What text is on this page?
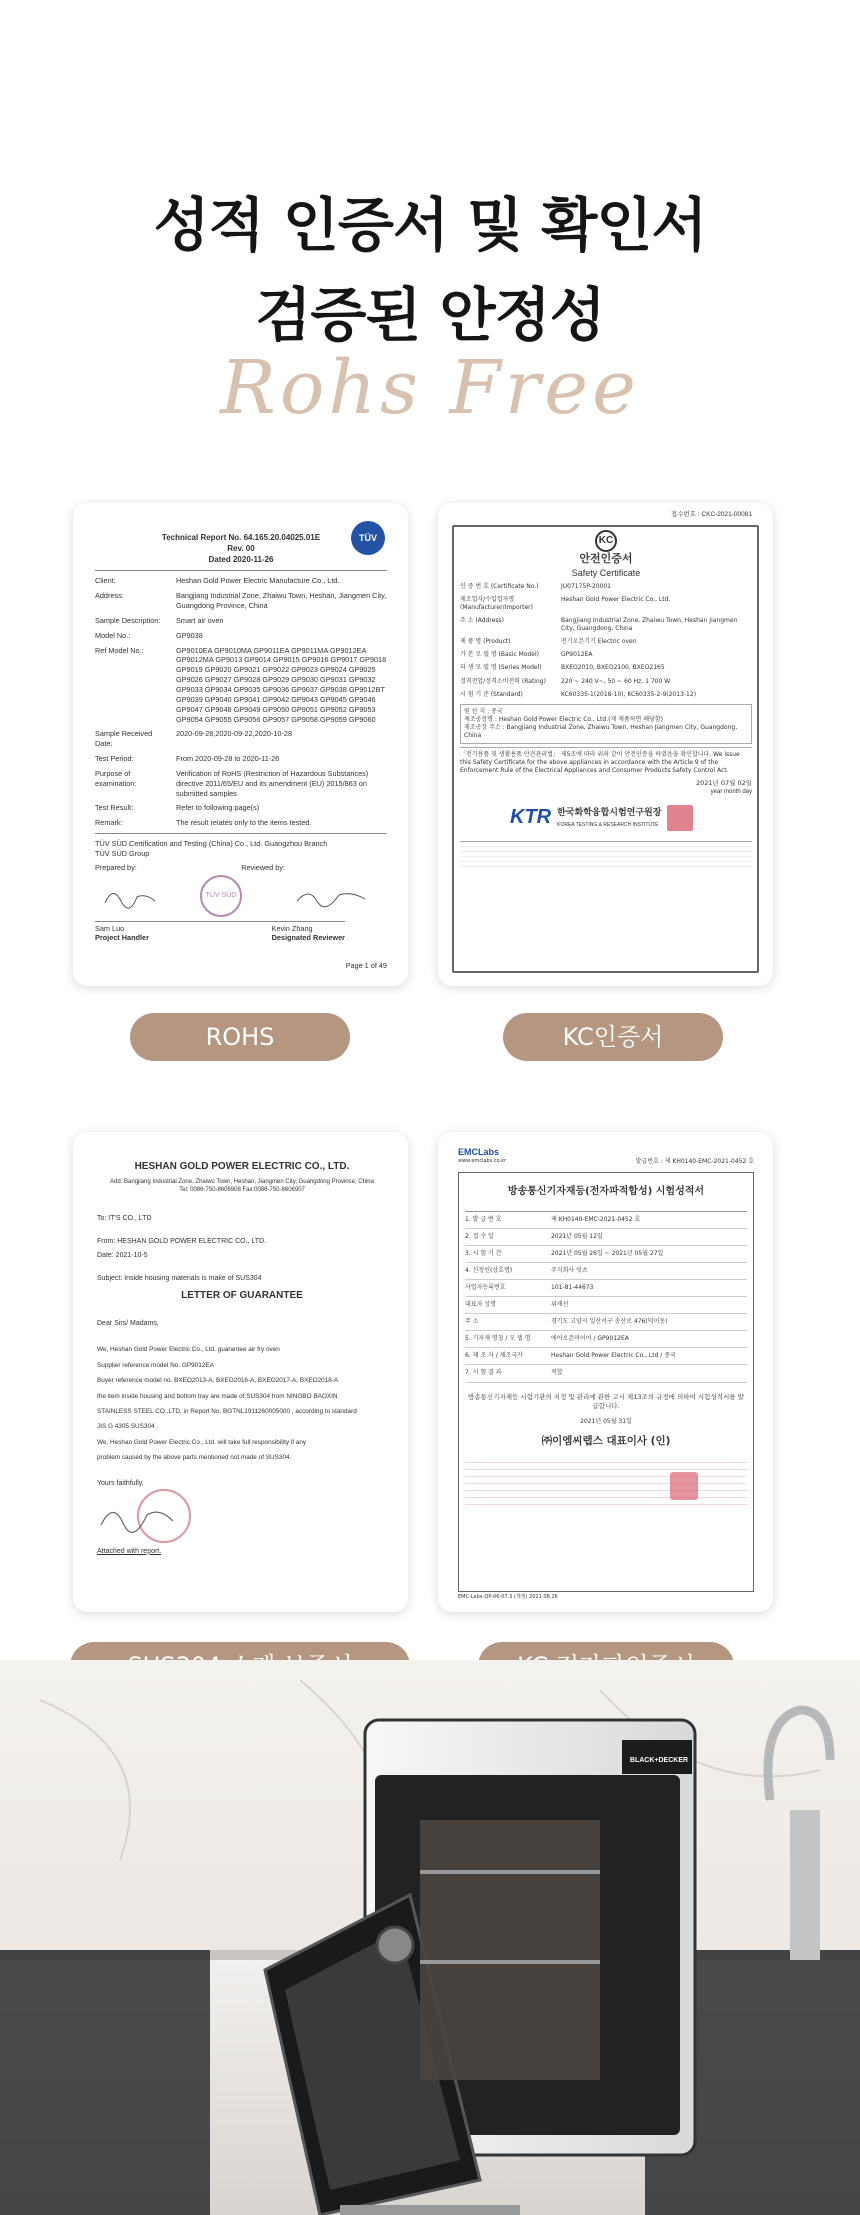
성적 인증서 및 확인서
검증된 안정성
Rohs Free
TÜV
Technical Report No. 64.165.20.04025.01E
Rev. 00
Dated 2020-11-26
Client:	Heshan Gold Power Electric Manufacture Co., Ltd.
Address:	Bangjiang Industrial Zone, Zhaiwu Town, Heshan, Jiangmen City, Guangdong Province, China
Sample Description:	Smart air oven
Model No.:	GP9038
Ref Model No.:	GP9010EA GP9010MA GP9011EA GP9011MA GP9012EA GP9012MA GP9013 GP9014 GP9015 GP9016 GP9017 GP9018 GP9019 GP9020 GP9021 GP9022 GP9023 GP9024 GP9025 GP9026 GP9027 GP9028 GP9029 GP9030 GP9031 GP9032 GP9033 GP9034 GP9035 GP9036 GP9037 GP9038 GP9012BT GP9039 GP9040 GP9041 GP9042 GP9043 GP9045 GP9046 GP9047 GP9048 GP9049 GP9050 GP9051 GP9052 GP9053 GP9054 GP9055 GP9056 GP9057 GP9058 GP9059 GP9060
Sample Received Date:
2020-09-28,2020-09-22,2020-10-28
Test Period:	From 2020-09-28 to 2020-11-26
Purpose of examination:
Verification of RoHS (Restriction of Hazardous Substances) directive 2011/65/EU and its amendment (EU) 2015/863 on submitted samples
Test Result:	Refer to following page(s)
Remark:	The result relates only to the items tested.
TÜV SÜD Certification and Testing (China) Co., Ltd. Guangzhou Branch
TÜV SÜD Group
Prepared by:	Reviewed by:
TÜV SÜD
Sam Luo
Project Handler
Kevin Zhang
Designated Reviewer
Page 1 of 49
접수번호 : CKC-2021-00081
KC
안전인증서
Safety Certificate
인 증 번 호 (Certificate No.)	JU07175P-20001
제조업자/수입업자명 (Manufacturer/Importer)
Heshan Gold Power Electric Co., Ltd.
주 소 (Address)	Bangjiang Industrial Zone, Zhaiwu Town, Heshan Jiangmen City, Guangdong, China
제 품 명 (Product)	전기오븐기기 Electric oven
기 본 모 델 명 (Basic Model)	GP9012EA
파 생 모 델 명 (Series Model)	BXEO2010, BXEO2100, BXEO2165
정격전압/정격소비전력 (Rating)	220 ~ 240 V~, 50 ~ 60 Hz, 1 700 W
시 험 기 준 (Standard)	KC60335-1(2018-10), KC60335-2-9(2013-12)
원 산 지 : 중국
제조공장명 : Heshan Gold Power Electric Co., Ltd.(제 제품하면 해당함)
제조공장 주소 : Bangjiang Industrial Zone, Zhaiwu Town, Heshan Jiangmen City, Guangdong, China
「전기용품 및 생활용품 안전관리법」 제5조에 따라 위와 같이 안전인증을 하였음을 확인합니다. We issue this Safety Certificate for the above appliances in accordance with the Article 9 of the Enforcement Rule of the Electrical Appliances and Consumer Products Safety Control Act.
2021년 07월 02일
year month day
KTR 한국화학융합시험연구원장
KOREA TESTING & RESEARCH INSTITUTE
ROHS	KC인증서
HESHAN GOLD POWER ELECTRIC CO., LTD.
Add: Bangjiang Industrial Zone, Zhaiwu Town, Heshan, Jiangmen City, Guangdong Province, China
Tel: 0086-750-8606908 Fax:0086-750-8606907
To: IT'S CO., LTD
From: HESHAN GOLD POWER ELECTRIC CO., LTD.
Date: 2021-10-5
Subject: Inside housing materials is make of SUS304
LETTER OF GUARANTEE
Dear Sirs/ Madams,
We, Heshan Gold Power Electric Co., Ltd. guarantee air fry oven
Supplier reference model No. GP9012EA
Buyer reference model no. BXEO2013-A, BXEO2016-A, BXEO2017-A, BXEO2018-A
the item inside housing and bottom tray are made of SUS304 from NINGBO BAOXIN
STAINLESS STEEL CO.,LTD. in Report No. BGTNL1911260005000 , according to standard
JIS G 4305 SUS304 .
We, Heshan Gold Power Electric Co., Ltd. will take full responsibility if any
problem caused by the above parts mentioned not made of SUS304.
Yours faithfully,
Attached with report.
EMCLabs
www.emclabs.co.kr	발급번호 : 제 KH0140-EMC-2021-0452 호
방송통신기자재등(전자파적합성) 시험성적서
1. 발 급 번 호	제 KH0140-EMC-2021-0452 호
2. 접 수 일	2021년 05월 12일
3. 시 험 기 간	2021년 05월 26일 ~ 2021년 05월 27일
4. 신청인(상호명)	주식회사 잇츠
사업자등록번호	101-81-44673
대표자 성명	위재선
주 소	경기도 고양시 일산서구 송산로 476(덕이동)
5. 기자재 명칭 / 모 델 명	에어오븐마이어 / GP9012EA
6. 제 조 자 / 제조국가	Heshan Gold Power Electric Co., Ltd / 중국
7. 시 험 결 과	적합
방송통신기자재등 시험기관의 지정 및 관리에 관한 고시 제13조의 규정에 의하여 시험성적서를 발급합니다.
2021년 05월 31일
㈜이엠씨랩스 대표이사 (인)
EMC-Labs-QP-06-07.3 (개정) 2021.08.26
BLACK+DECKER
